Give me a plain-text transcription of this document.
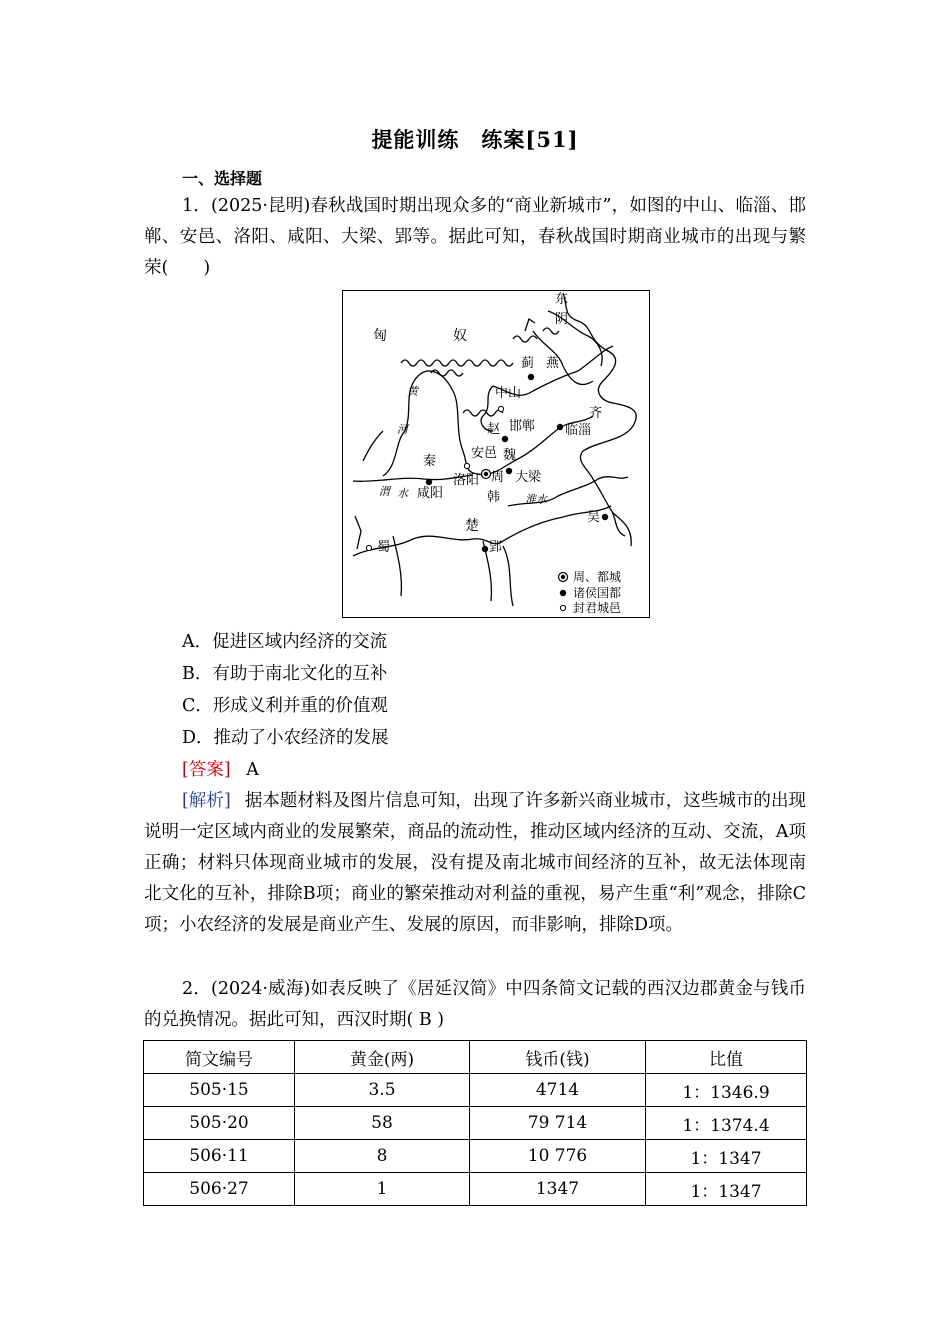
提能训练　练案[51]
一、选择题
1．(2025·昆明)春秋战国时期出现众多的“商业新城市”，如图的中山、临淄、邯郸、安邑、洛阳、咸阳、大梁、郢等。据此可知，春秋战国时期商业城市的出现与繁荣(　　)
东
阴
匈	奴
蓟 燕
中山
黄
河
齐
赵 邯郸 临淄
安邑 魏
秦
洛阳 周 大梁
渭 水 咸阳	韩 淮水
吴
楚
蜀	郢
周、都城
诸侯国都
封君城邑
A．促进区域内经济的交流
B．有助于南北文化的互补
C．形成义利并重的价值观
D．推动了小农经济的发展
[答案] A
[解析] 据本题材料及图片信息可知，出现了许多新兴商业城市，这些城市的出现说明一定区域内商业的发展繁荣，商品的流动性，推动区域内经济的互动、交流，A项正确；材料只体现商业城市的发展，没有提及南北城市间经济的互补，故无法体现南北文化的互补，排除B项；商业的繁荣推动对利益的重视，易产生重“利”观念，排除C项；小农经济的发展是商业产生、发展的原因，而非影响，排除D项。
2．(2024·威海)如表反映了《居延汉简》中四条简文记载的西汉边郡黄金与钱币的兑换情况。据此可知，西汉时期( B )
简文编号	黄金(两)	钱币(钱)	比值
505·15	3.5	4714	1：1346.9
505·20	58	79 714	1：1374.4
506·11	8	10 776	1：1347
506·27	1	1347	1：1347
